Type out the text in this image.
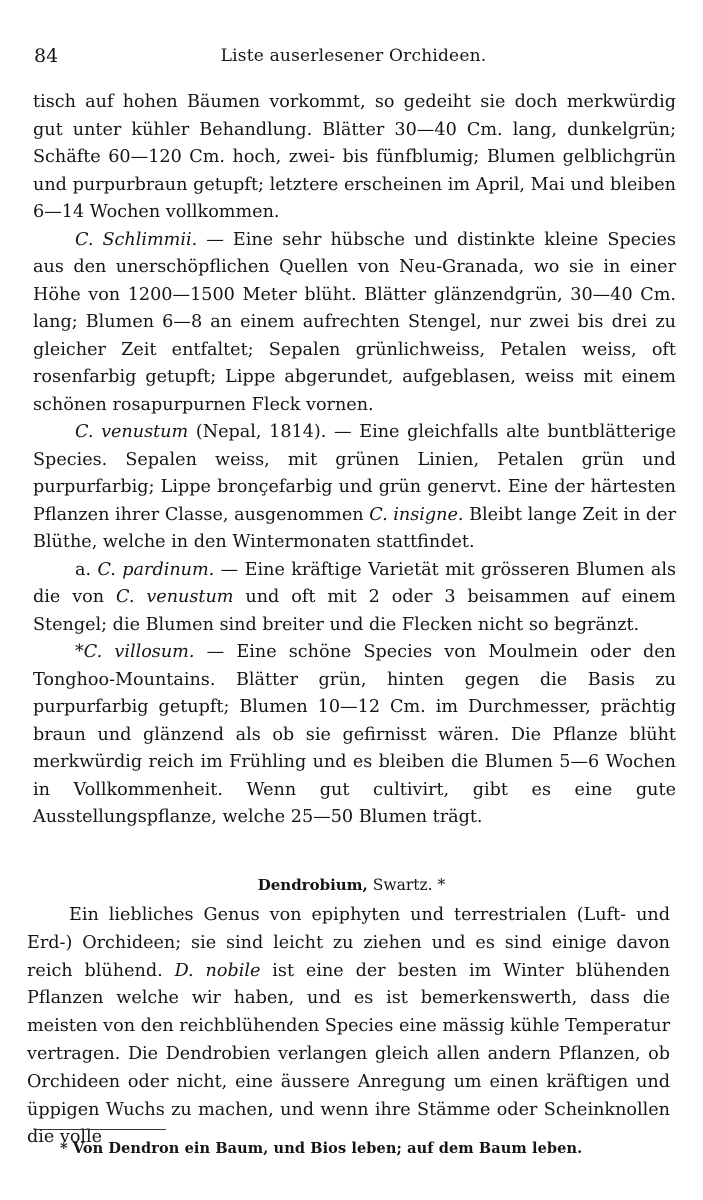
84	Liste auserlesener Orchideen.

tisch auf hohen Bäumen vorkommt, so gedeiht sie doch merkwürdig gut unter kühler Behandlung. Blätter 30—40 Cm. lang, dunkelgrün; Schäfte 60—120 Cm. hoch, zwei- bis fünfblumig; Blumen gelblichgrün und purpurbraun getupft; letztere erscheinen im April, Mai und bleiben 6—14 Wochen vollkommen.

C. Schlimmii. — Eine sehr hübsche und distinkte kleine Species aus den unerschöpflichen Quellen von Neu-Granada, wo sie in einer Höhe von 1200—1500 Meter blüht. Blätter glänzendgrün, 30—40 Cm. lang; Blumen 6—8 an einem aufrechten Stengel, nur zwei bis drei zu gleicher Zeit entfaltet; Sepalen grünlichweiss, Petalen weiss, oft rosenfarbig getupft; Lippe abgerundet, aufgeblasen, weiss mit einem schönen rosapurpurnen Fleck vornen.

C. venustum (Nepal, 1814). — Eine gleichfalls alte buntblätterige Species. Sepalen weiss, mit grünen Linien, Petalen grün und purpurfarbig; Lippe bronçefarbig und grün genervt. Eine der härtesten Pflanzen ihrer Classe, ausgenommen C. insigne. Bleibt lange Zeit in der Blüthe, welche in den Wintermonaten stattfindet.

a. C. pardinum. — Eine kräftige Varietät mit grösseren Blumen als die von C. venustum und oft mit 2 oder 3 beisammen auf einem Stengel; die Blumen sind breiter und die Flecken nicht so begränzt.

*C. villosum. — Eine schöne Species von Moulmein oder den Tonghoo-Mountains. Blätter grün, hinten gegen die Basis zu purpurfarbig getupft; Blumen 10—12 Cm. im Durchmesser, prächtig braun und glänzend als ob sie gefirnisst wären. Die Pflanze blüht merkwürdig reich im Frühling und es bleiben die Blumen 5—6 Wochen in Vollkommenheit. Wenn gut cultivirt, gibt es eine gute Ausstellungspflanze, welche 25—50 Blumen trägt.

Dendrobium, Swartz. *

Ein liebliches Genus von epiphyten und terrestrialen (Luft- und Erd-) Orchideen; sie sind leicht zu ziehen und es sind einige davon reich blühend. D. nobile ist eine der besten im Winter blühenden Pflanzen welche wir haben, und es ist bemerkenswerth, dass die meisten von den reichblühenden Species eine mässig kühle Temperatur vertragen. Die Dendrobien verlangen gleich allen andern Pflanzen, ob Orchideen oder nicht, eine äussere Anregung um einen kräftigen und üppigen Wuchs zu machen, und wenn ihre Stämme oder Scheinknollen die volle

* Von Dendron ein Baum, und Bios leben; auf dem Baum leben.
